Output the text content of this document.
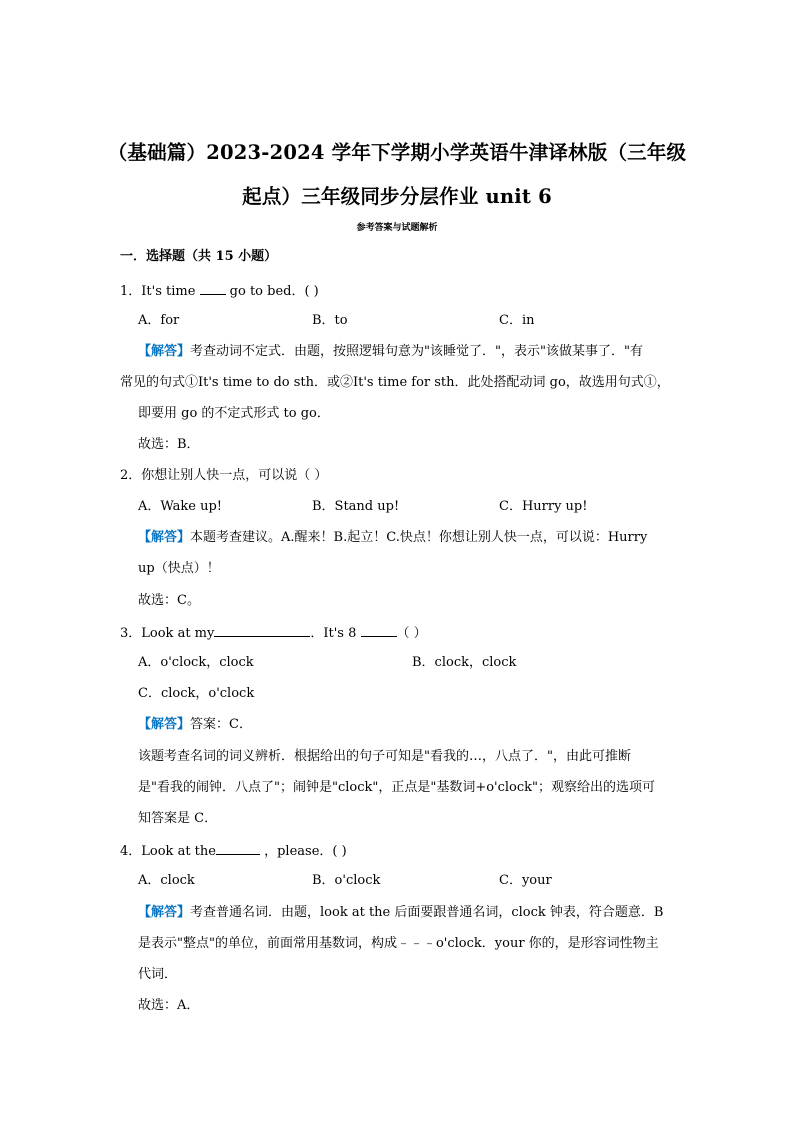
（基础篇）2023-2024 学年下学期小学英语牛津译林版（三年级
起点）三年级同步分层作业 unit 6
参考答案与试题解析
一．选择题（共 15 小题）
1．It's time  go to bed．( )
A．for	B．to	C．in
【解答】考查动词不定式．由题，按照逻辑句意为"该睡觉了．"，表示"该做某事了．"有
常见的句式①It's time to do sth．或②It's time for sth．此处搭配动词 go，故选用句式①，
即要用 go 的不定式形式 to go．
故选：B．
2．你想让别人快一点，可以说（ ）
A．Wake up!	B．Stand up!	C．Hurry up!
【解答】本题考查建议。A.醒来！B.起立！C.快点！你想让别人快一点，可以说：Hurry
up（快点）！
故选：C。
3．Look at my	．It's 8	（ ）
A．o'clock，clock	B．clock，clock
C．clock，o'clock
【解答】答案：C．
该题考查名词的词义辨析．根据给出的句子可知是"看我的…，八点了．"，由此可推断
是"看我的闹钟．八点了"；闹钟是"clock"，正点是"基数词+o'clock"；观察给出的选项可
知答案是 C．
4．Look at the	，please．( )
A．clock	B．o'clock	C．your
【解答】考查普通名词．由题，look at the 后面要跟普通名词，clock 钟表，符合题意．B
是表示"整点"的单位，前面常用基数词，构成﹣﹣﹣o'clock．your 你的，是形容词性物主
代词．
故选：A．
